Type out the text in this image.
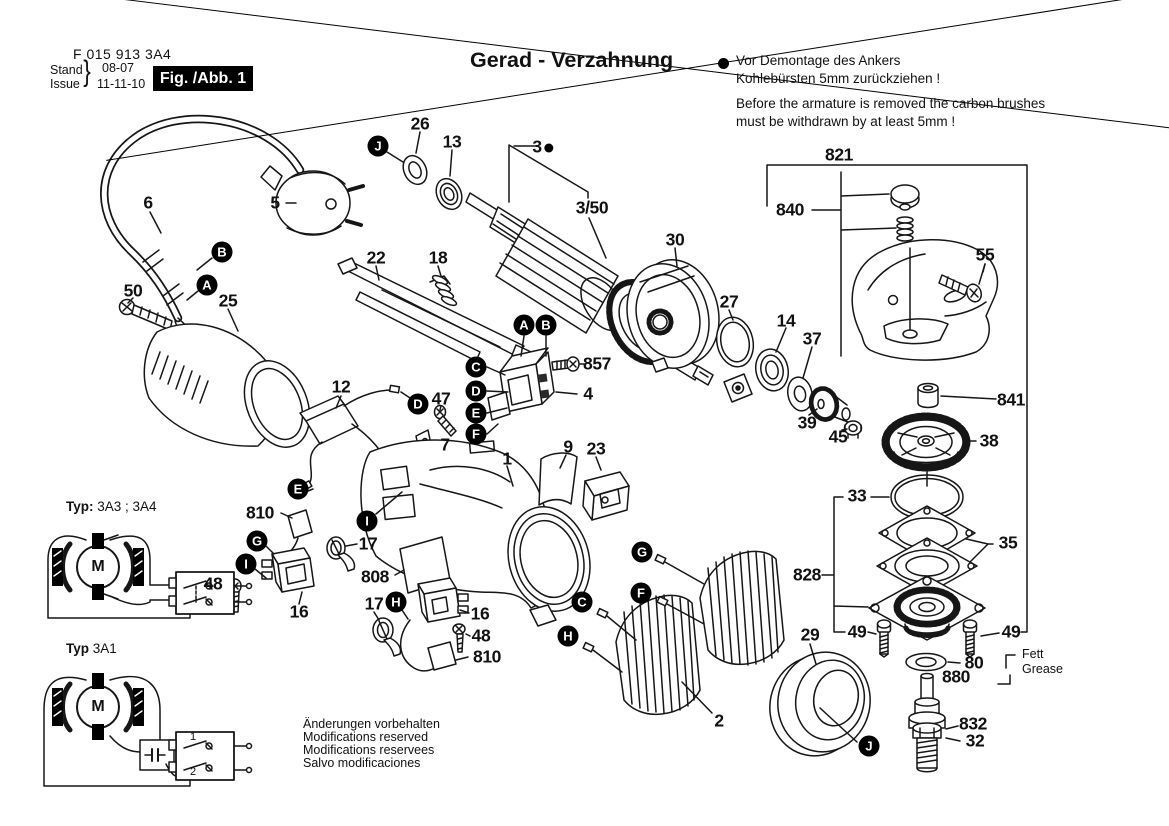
F 015 913 3A4
Stand
Issue } 08-07
11-11-10 Fig. /Abb. 1
Gerad - Verzahnung	Vor Demontage des Ankers
Kohlebürsten 5mm zurückziehen !
Before the armature is removed the carbon brushes
must be withdrawn by at least 5mm !
Änderungen vorbehalten
Modifications reserved
Modifications reservees
Salvo modificaciones
Fett
Grease
Typ: 3A3 ; 3A4
Typ 3A1
M
M
1
2
50	25
6	5
26
13	3
3/50
22 18
857
4
12
47
7	9 23
1
30
27
14
37
39
45
821
840
55
841
38
33
35
828
49	49
80
880
832
32
29
2
808
810
17
16
48
17	16
48
810
B
A
J
A B
C
D
E
F
D
E
I
G
I
G
F
C
H
H
J
